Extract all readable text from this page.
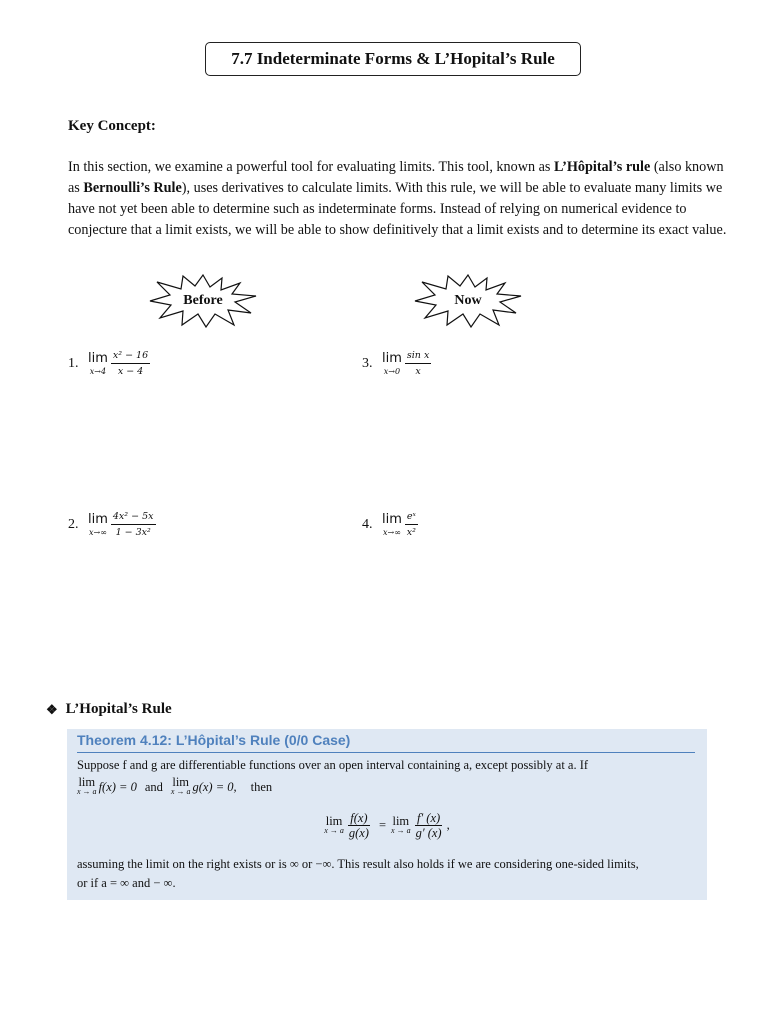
7.7 Indeterminate Forms & L’Hopital’s Rule
Key Concept:
In this section, we examine a powerful tool for evaluating limits. This tool, known as L’Hôpital’s rule (also known as Bernoulli’s Rule), uses derivatives to calculate limits. With this rule, we will be able to evaluate many limits we have not yet been able to determine such as indeterminate forms. Instead of relying on numerical evidence to conjecture that a limit exists, we will be able to show definitively that a limit exists and to determine its exact value.
Before	Now
1. lim
$x\to 4 \frac{\text{x² − 16}}{x - 4}$
2. lim
$x\to\infty \frac{\text{4x² − 5x}}{\text{1 − 3x²}}$
3. lim
$x\to 0 \frac{\text{sin x}}{x}$
4. lim
$x\to\infty \frac{\text{eˣ}}{\text{x²}}$
❖ L’Hopital’s Rule
Theorem 4.12: L’Hôpital’s Rule (0/0 Case)
Suppose f and g are differentiable functions over an open interval containing a, except possibly at a. If
lim
x → a f(x) = 0 and lim
x → a g(x) = 0, then
lim
x → a $\frac{f(x)}{g(x)} = \lim$
x → a $\frac{f' (x)}{g' (x)}$ ,
assuming the limit on the right exists or is ∞ or −∞. This result also holds if we are considering one-sided limits,
or if a = ∞ and − ∞.
